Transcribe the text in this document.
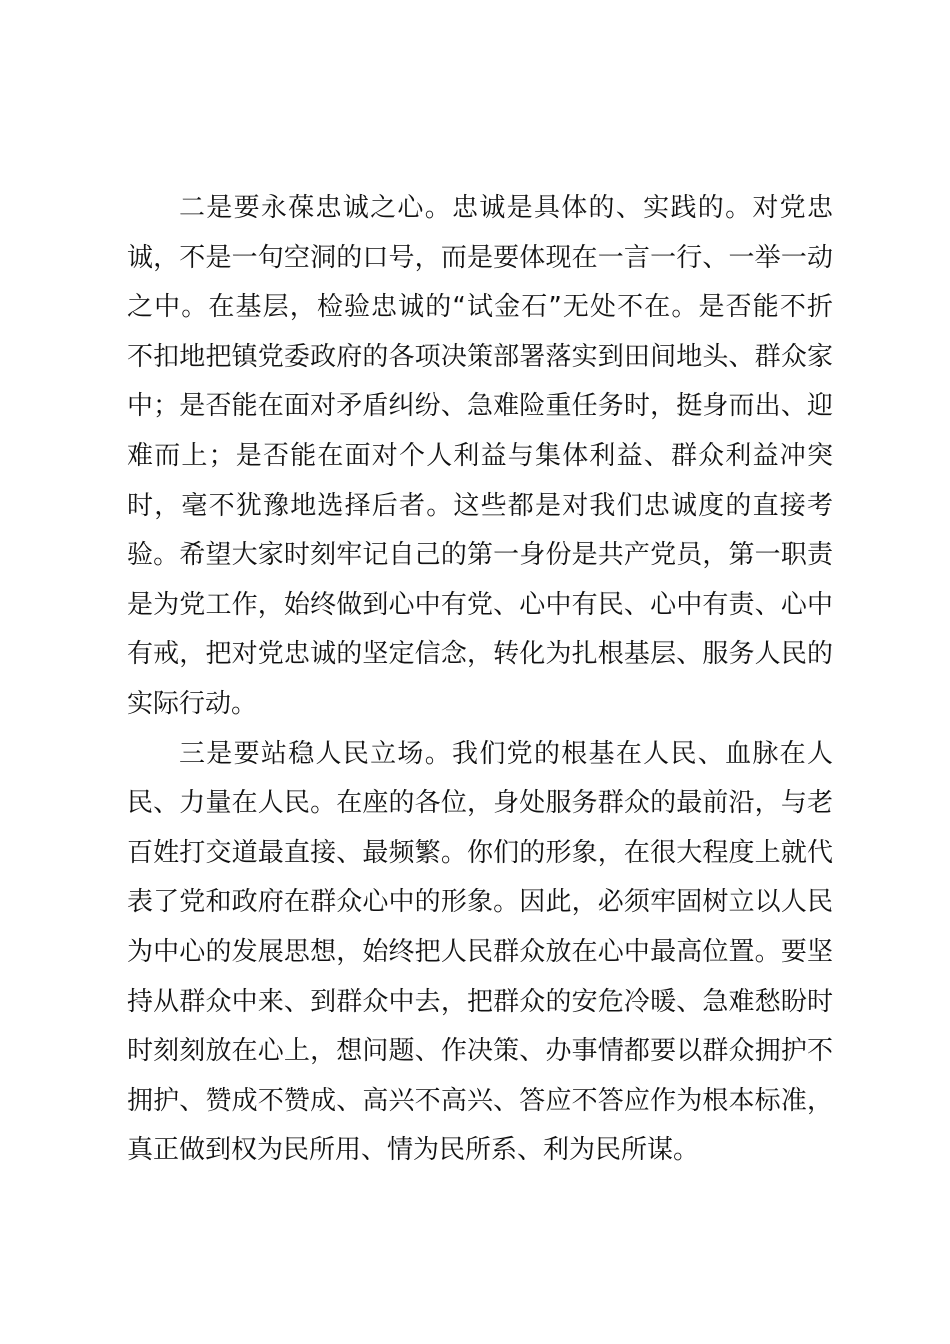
二是要永葆忠诚之心。忠诚是具体的、实践的。对党忠
诚，不是一句空洞的口号，而是要体现在一言一行、一举一动
之中。在基层，检验忠诚的“试金石”无处不在。是否能不折
不扣地把镇党委政府的各项决策部署落实到田间地头、群众家
中；是否能在面对矛盾纠纷、急难险重任务时，挺身而出、迎
难而上；是否能在面对个人利益与集体利益、群众利益冲突
时，毫不犹豫地选择后者。这些都是对我们忠诚度的直接考
验。希望大家时刻牢记自己的第一身份是共产党员，第一职责
是为党工作，始终做到心中有党、心中有民、心中有责、心中
有戒，把对党忠诚的坚定信念，转化为扎根基层、服务人民的
实际行动。
三是要站稳人民立场。我们党的根基在人民、血脉在人
民、力量在人民。在座的各位，身处服务群众的最前沿，与老
百姓打交道最直接、最频繁。你们的形象，在很大程度上就代
表了党和政府在群众心中的形象。因此，必须牢固树立以人民
为中心的发展思想，始终把人民群众放在心中最高位置。要坚
持从群众中来、到群众中去，把群众的安危冷暖、急难愁盼时
时刻刻放在心上，想问题、作决策、办事情都要以群众拥护不
拥护、赞成不赞成、高兴不高兴、答应不答应作为根本标准，
真正做到权为民所用、情为民所系、利为民所谋。
